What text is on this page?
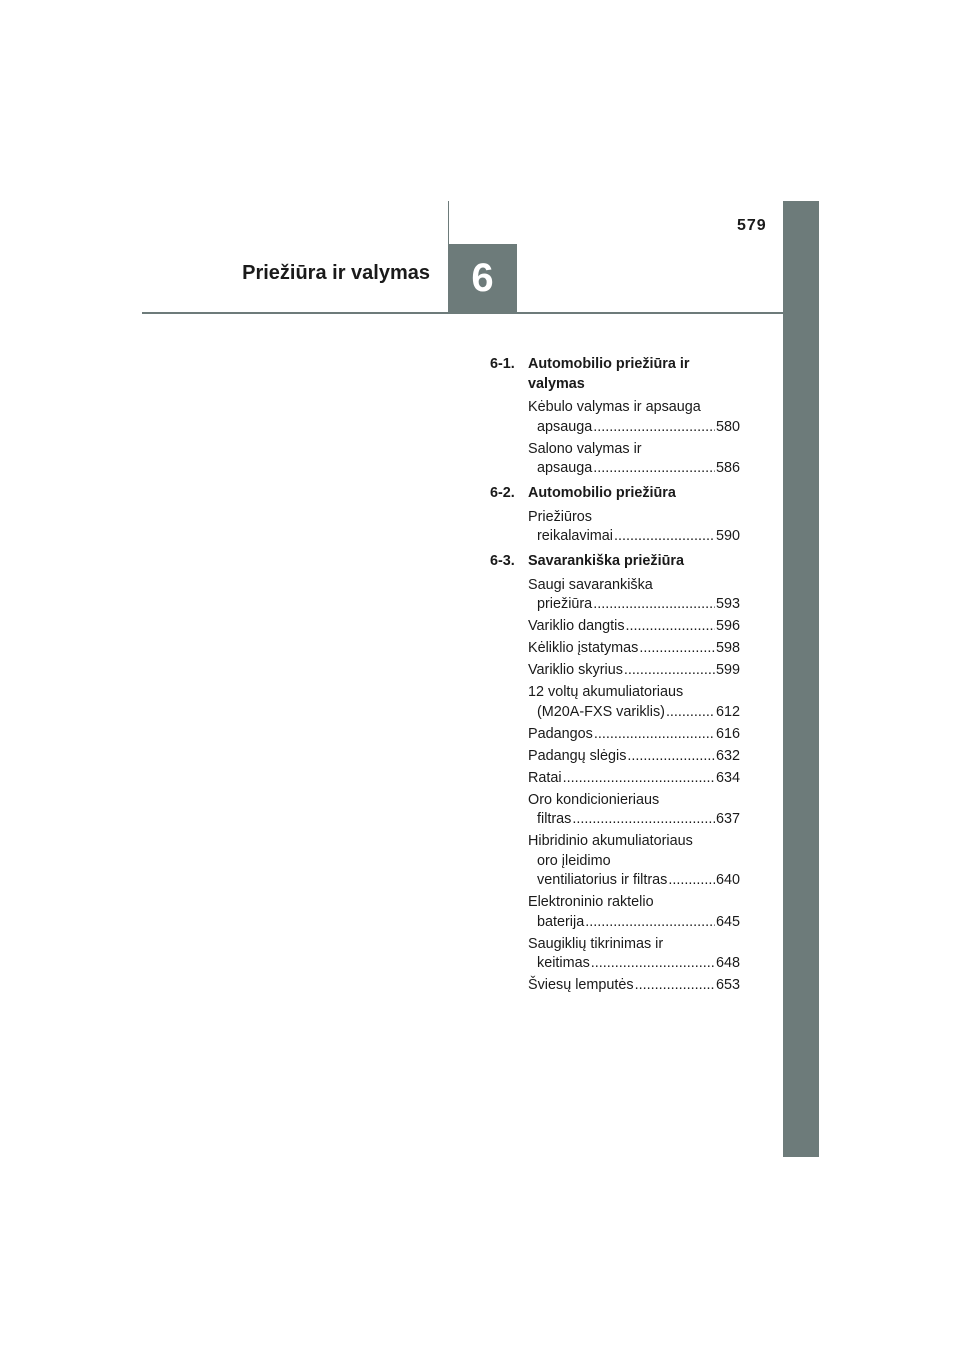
579
Priežiūra ir valymas	6
6-1. Automobilio priežiūra ir
valymas
Kėbulo valymas ir apsauga
apsauga .....	580
Salono valymas ir
apsauga .....	586
6-2. Automobilio priežiūra
Priežiūros
reikalavimai .....	590
6-3. Savarankiška priežiūra
Saugi savarankiška
priežiūra .....	593
Variklio dangtis .....	596
Kėliklio įstatymas .....	598
Variklio skyrius .....	599
12 voltų akumuliatoriaus
(M20A-FXS variklis) .....	612
Padangos .....	616
Padangų slėgis .....	632
Ratai .....	634
Oro kondicionieriaus
filtras .....	637
Hibridinio akumuliatoriaus
oro įleidimo
ventiliatorius ir filtras .....	640
Elektroninio raktelio
baterija .....	645
Saugiklių tikrinimas ir
keitimas .....	648
Šviesų lemputės .....	653
